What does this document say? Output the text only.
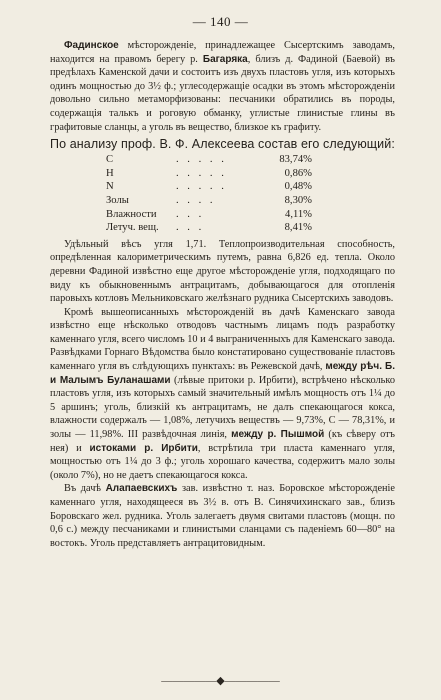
— 140 —

Фадинское мѣсторожденіе, принадлежащее Сысертскимъ заводамъ, находится на правомъ берегу р. Багаряка, близъ д. Фадиной (Баевой) въ предѣлахъ Каменской дачи и состоитъ изъ двухъ пластовъ угля, изъ которыхъ одинъ мощностью до 3½ ф.; углесодержащіе осадки въ этомъ мѣсторожденіи довольно сильно метаморфизованы: песчаники обратились въ породы, содержащія талькъ и роговую обманку, углистые глинистые глины въ графитовые сланцы, а уголь въ вещество, близкое къ графиту.

По анализу проф. В. Ф. Алексеева состав его следующий:

С	. . . . .	83,74%
Н	. . . . .	0,86%
N	. . . . .	0,48%
Золы	. . . .	8,30%
Влажности	. . .	4,11%
Летуч. вещ.	. . .	8,41%

Удѣльный вѣсъ угля 1,71. Теплопроизводительная способность, опредѣленная калориметрическимъ путемъ, равна 6,826 ед. тепла. Около деревни Фадиной извѣстно еще другое мѣсторожденіе угля, подходящаго по виду къ обыкновеннымъ антрацитамъ, добывающагося для отопленія паровыхъ котловъ Мельниковскаго желѣзнаго рудника Сысертскихъ заводовъ.

Кромѣ вышеописанныхъ мѣсторожденій въ дачѣ Каменскаго завода извѣстно еще нѣсколько отводовъ частнымъ лицамъ подъ разработку каменнаго угля, всего числомъ 10 и 4 выграниченныхъ для Каменскаго завода. Развѣдками Горнаго Вѣдомства было констатировано существованіе пластовъ каменнаго угля въ слѣдующихъ пунктахъ: въ Режевской дачѣ, между рѣч. Б. и Малымъ Буланашами (лѣвые притоки р. Ирбити), встрѣчено нѣсколько пластовъ угля, изъ которыхъ самый значительный имѣлъ мощность отъ 1¼ до 5 аршинъ; уголь, близкій къ антрацитамъ, не далъ спекающагося кокса, влажности содержалъ — 1,08%, летучихъ веществъ — 9,73%, С — 78,31%, и золы — 11,98%. III развѣдочная линія, между р. Пышмой (къ сѣверу отъ нея) и истоками р. Ирбити, встрѣтила три пласта каменнаго угля, мощностью отъ 1¼ до 3 ф.; уголь хорошаго качества, содержитъ мало золы (около 7%), но не даетъ спекающагося кокса.

Въ дачѣ Алапаевскихъ зав. извѣстно т. наз. Боровское мѣсторожденіе каменнаго угля, находящееся въ 3½ в. отъ В. Синячихинскаго зав., близъ Боровскаго жел. рудника. Уголь залегаетъ двумя свитами пластовъ (мощн. по 0,6 с.) между песчаниками и глинистыми сланцами съ паденіемъ 60—80° на востокъ. Уголь представляетъ антрацитовидным.

—————◆—————
